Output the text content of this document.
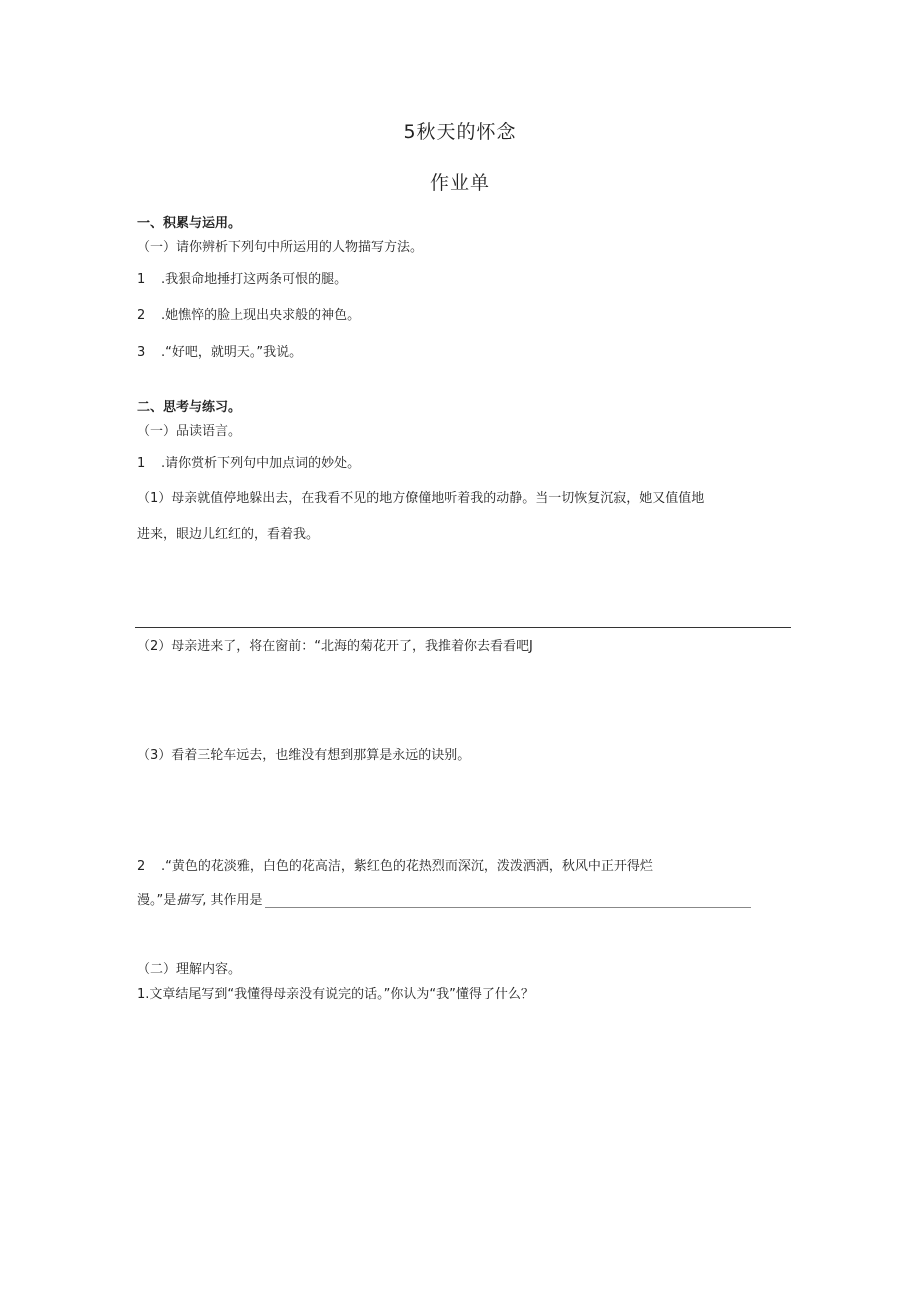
5秋天的怀念
作业单
一、积累与运用。
（一）请你辨析下列句中所运用的人物描写方法。
1 .我狠命地捶打这两条可恨的腿。
2 .她憔悴的脸上现出央求般的神色。
3 .“好吧，就明天。”我说。
二、思考与练习。
（一）品读语言。
1 .请你赏析下列句中加点词的妙处。
（1）母亲就值停地躲出去，在我看不见的地方僚僮地听着我的动静。当一切恢复沉寂，她又值值地
进来，眼边儿红红的，看着我。
（2）母亲进来了，将在窗前：“北海的菊花开了，我推着你去看看吧J
（3）看着三轮车远去，也维没有想到那算是永远的诀别。
2 .“黄色的花淡雅，白色的花高洁，紫红色的花热烈而深沉，泼泼洒洒，秋风中正开得烂
漫。”是描写, 其作用是
（二）理解内容。
1.文章结尾写到“我懂得母亲没有说完的话。”你认为“我”懂得了什么？
